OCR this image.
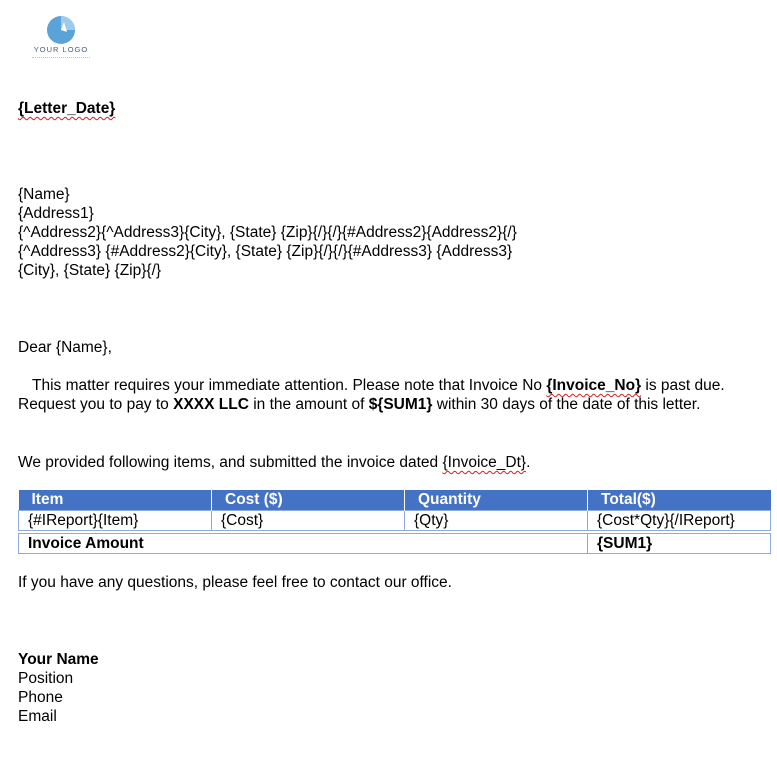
YOUR LOGO
{Letter_Date}
{Name}
{Address1}
{^Address2}{^Address3}{City}, {State} {Zip}{/}{/}{#Address2}{Address2}{/}
{^Address3} {#Address2}{City}, {State} {Zip}{/}{/}{#Address3} {Address3}
{City}, {State} {Zip}{/}
Dear {Name},
This matter requires your immediate attention. Please note that Invoice No {Invoice_No} is past due. Request you to pay to XXXX LLC in the amount of ${SUM1} within 30 days of the date of this letter.
We provided following items, and submitted the invoice dated {Invoice_Dt}.
Item	Cost ($)	Quantity	Total($)
{#IReport}{Item}	{Cost}	{Qty}	{Cost*Qty}{/IReport}

Invoice Amount			{SUM1}
If you have any questions, please feel free to contact our office.
Your Name
Position
Phone
Email
